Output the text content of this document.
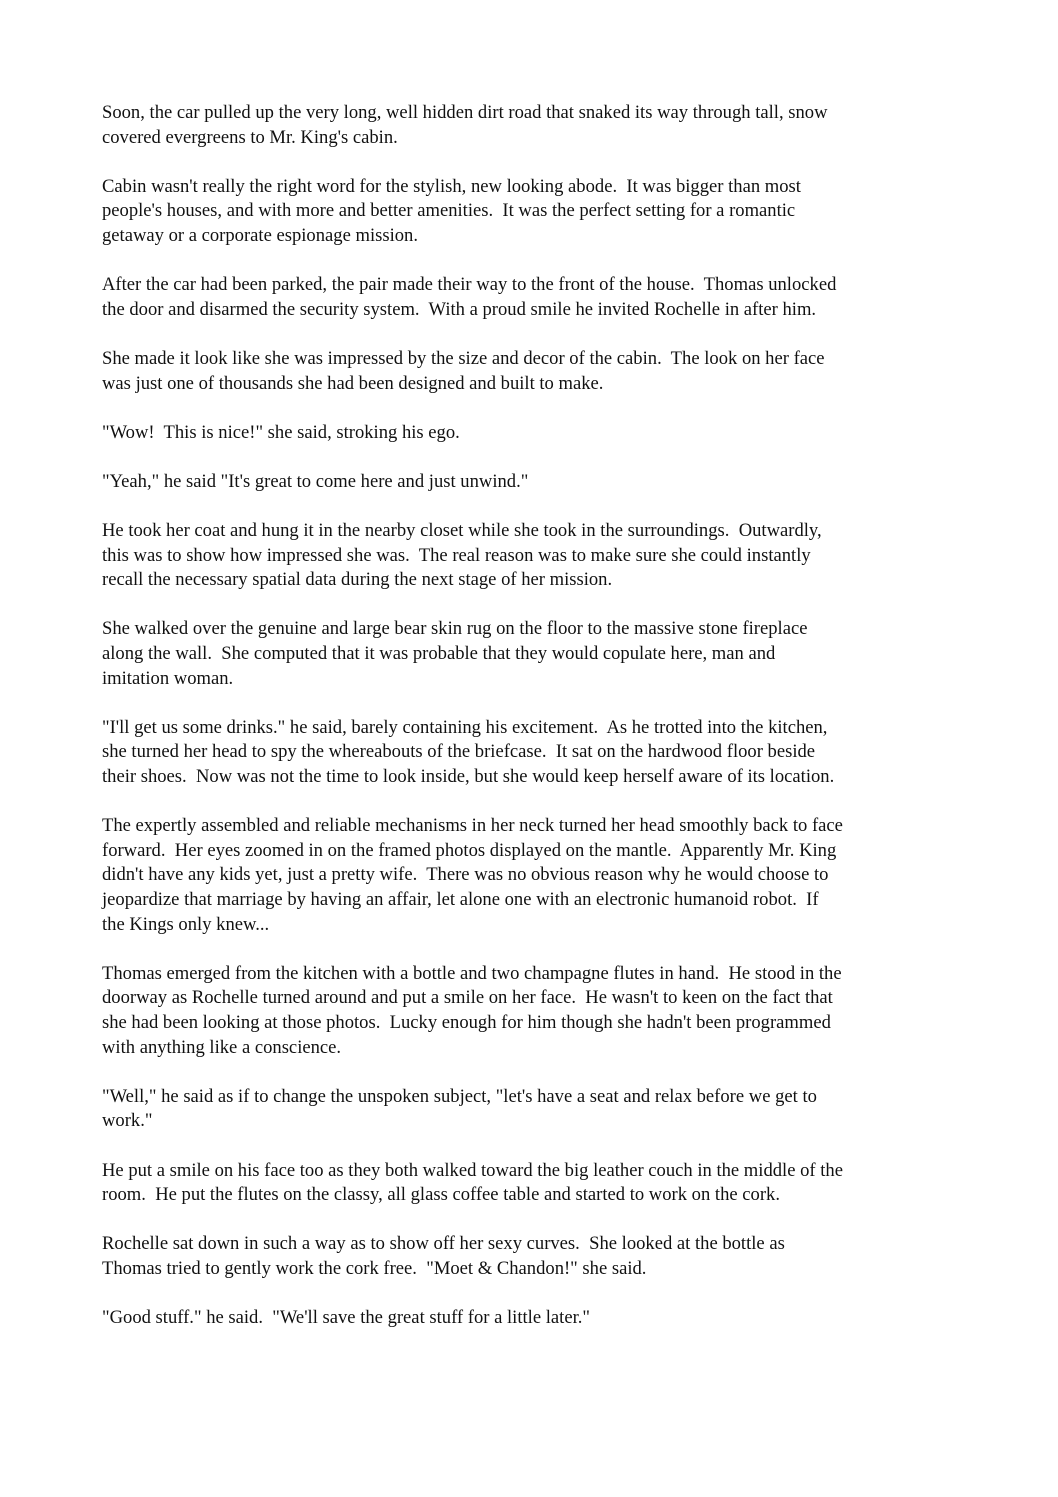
Soon, the car pulled up the very long, well hidden dirt road that snaked its way through tall, snow
covered evergreens to Mr. King's cabin.

Cabin wasn't really the right word for the stylish, new looking abode.  It was bigger than most
people's houses, and with more and better amenities.  It was the perfect setting for a romantic
getaway or a corporate espionage mission.

After the car had been parked, the pair made their way to the front of the house.  Thomas unlocked
the door and disarmed the security system.  With a proud smile he invited Rochelle in after him.

She made it look like she was impressed by the size and decor of the cabin.  The look on her face
was just one of thousands she had been designed and built to make.

"Wow!  This is nice!" she said, stroking his ego.

"Yeah," he said "It's great to come here and just unwind."

He took her coat and hung it in the nearby closet while she took in the surroundings.  Outwardly,
this was to show how impressed she was.  The real reason was to make sure she could instantly
recall the necessary spatial data during the next stage of her mission.

She walked over the genuine and large bear skin rug on the floor to the massive stone fireplace
along the wall.  She computed that it was probable that they would copulate here, man and
imitation woman.

"I'll get us some drinks." he said, barely containing his excitement.  As he trotted into the kitchen,
she turned her head to spy the whereabouts of the briefcase.  It sat on the hardwood floor beside
their shoes.  Now was not the time to look inside, but she would keep herself aware of its location.

The expertly assembled and reliable mechanisms in her neck turned her head smoothly back to face
forward.  Her eyes zoomed in on the framed photos displayed on the mantle.  Apparently Mr. King
didn't have any kids yet, just a pretty wife.  There was no obvious reason why he would choose to
jeopardize that marriage by having an affair, let alone one with an electronic humanoid robot.  If
the Kings only knew...

Thomas emerged from the kitchen with a bottle and two champagne flutes in hand.  He stood in the
doorway as Rochelle turned around and put a smile on her face.  He wasn't to keen on the fact that
she had been looking at those photos.  Lucky enough for him though she hadn't been programmed
with anything like a conscience.

"Well," he said as if to change the unspoken subject, "let's have a seat and relax before we get to
work."

He put a smile on his face too as they both walked toward the big leather couch in the middle of the
room.  He put the flutes on the classy, all glass coffee table and started to work on the cork.

Rochelle sat down in such a way as to show off her sexy curves.  She looked at the bottle as
Thomas tried to gently work the cork free.  "Moet & Chandon!" she said.

"Good stuff." he said.  "We'll save the great stuff for a little later."
